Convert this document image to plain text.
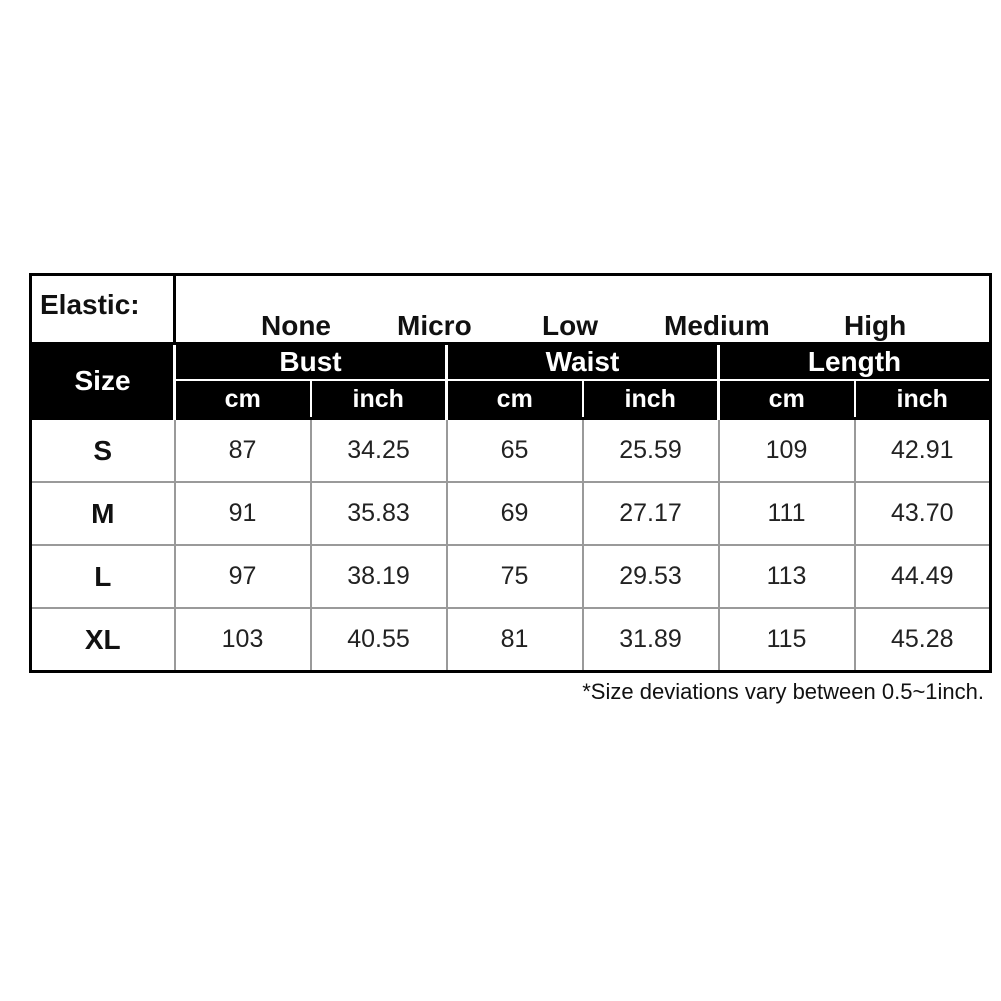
Elastic:	None Micro Low Medium High					

Size	Bust		Waist		Length	
	cm	inch	cm	inch	cm	inch
S	87	34.25	65	25.59	109	42.91
M	91	35.83	69	27.17	111	43.70
L	97	38.19	75	29.53	113	44.49
XL	103	40.55	81	31.89	115	45.28
*Size deviations vary between 0.5~1inch.
